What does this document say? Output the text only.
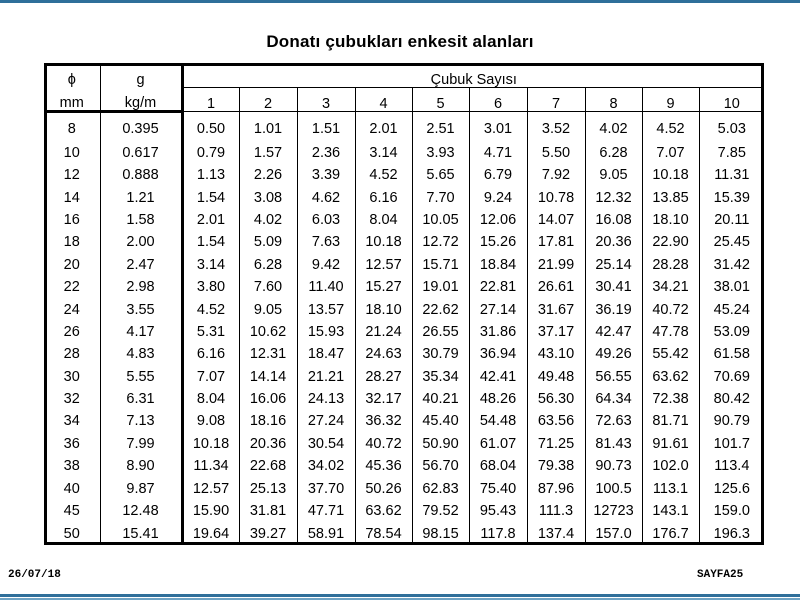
Donatı çubukları enkesit alanları
ϕ	g	Çubuk Sayısı									
mm	kg/m	1	2	3	4	5	6	7	8	9	10
8	0.395	0.50	1.01	1.51	2.01	2.51	3.01	3.52	4.02	4.52	5.03
10	0.617	0.79	1.57	2.36	3.14	3.93	4.71	5.50	6.28	7.07	7.85
12	0.888	1.13	2.26	3.39	4.52	5.65	6.79	7.92	9.05	10.18	11.31
14	1.21	1.54	3.08	4.62	6.16	7.70	9.24	10.78	12.32	13.85	15.39
16	1.58	2.01	4.02	6.03	8.04	10.05	12.06	14.07	16.08	18.10	20.11
18	2.00	1.54	5.09	7.63	10.18	12.72	15.26	17.81	20.36	22.90	25.45
20	2.47	3.14	6.28	9.42	12.57	15.71	18.84	21.99	25.14	28.28	31.42
22	2.98	3.80	7.60	11.40	15.27	19.01	22.81	26.61	30.41	34.21	38.01
24	3.55	4.52	9.05	13.57	18.10	22.62	27.14	31.67	36.19	40.72	45.24
26	4.17	5.31	10.62	15.93	21.24	26.55	31.86	37.17	42.47	47.78	53.09
28	4.83	6.16	12.31	18.47	24.63	30.79	36.94	43.10	49.26	55.42	61.58
30	5.55	7.07	14.14	21.21	28.27	35.34	42.41	49.48	56.55	63.62	70.69
32	6.31	8.04	16.06	24.13	32.17	40.21	48.26	56.30	64.34	72.38	80.42
34	7.13	9.08	18.16	27.24	36.32	45.40	54.48	63.56	72.63	81.71	90.79
36	7.99	10.18	20.36	30.54	40.72	50.90	61.07	71.25	81.43	91.61	101.7
38	8.90	11.34	22.68	34.02	45.36	56.70	68.04	79.38	90.73	102.0	113.4
40	9.87	12.57	25.13	37.70	50.26	62.83	75.40	87.96	100.5	113.1	125.6
45	12.48	15.90	31.81	47.71	63.62	79.52	95.43	111.3	12723	143.1	159.0
50	15.41	19.64	39.27	58.91	78.54	98.15	117.8	137.4	157.0	176.7	196.3
26/07/18	SAYFA25
